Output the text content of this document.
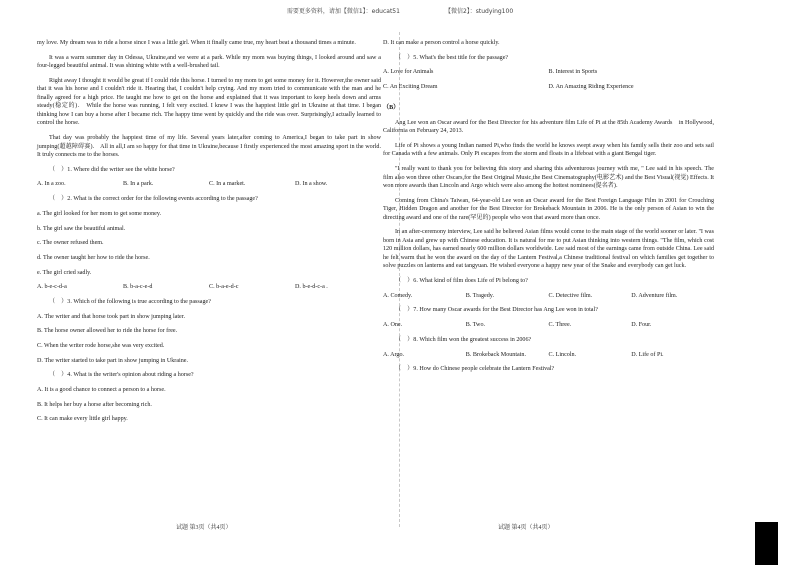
需要更多资料，请加【微信1】：educat51　　　　　　　　【微信2】：studying100

my love. My dream was to ride a horse since I was a little girl. When it finally came true, my heart beat a thousand times a minute.

It was a warm summer day in Odessa, Ukraine,and we were at a park. While my mom was buying things, I looked around and saw a four-legged beautiful animal. It was shining white with a well-brushed tail.

Right away I thought it would be great if I could ride this horse. I turned to my mom to get some money for it. However,the owner said that it was his horse and I couldn't ride it. Hearing that, I couldn't help crying. And my mom tried to communicate with the man and he finally agreed for a high price. He taught me how to get on the horse and explained that it was important to keep heels down and arms steady(稳定的)． While the horse was running, I felt very excited. I knew I was the happiest little girl in Ukraine at that time. I began thinking how I can buy a horse after I became rich. The happy time went by quickly and the ride was over. Surprisingly,I actually learned to control the horse.

That day was probably the happiest time of my life. Several years later,after coming to America,I began to take part in show jumping(超越障碍赛)． All in all,I am so happy for that time in Ukraine,because I firstly experienced the most amazing sport in the world. It truly connects me to the horses.

（　）1. Where did the writer see the white horse?

A. In a zoo.	B. In a park.	C. In a market.	D. In a show.

（　）2. What is the correct order for the following events according to the passage?

a. The girl looked for her mom to get some money.

b. The girl saw the beautiful animal.

c. The owner refused them.

d. The owner taught her how to ride the horse.

e. The girl cried sadly.

A. b-e-c-d-a	B. b-a-c-e-d	C. b-a-e-d-c	D. b-e-d-c-a .

（　）3. Which of the following is true according to the passage?

A. The writer and that horse took part in show jumping later.

B. The horse owner allowed her to ride the horse for free.

C. When the writer rode horse,she was very excited.

D. The writer started to take part in show jumping in Ukraine.

（　）4. What is the writer's opinion about riding a horse?

A. It is a good chance to connect a person to a horse.

B. It helps her buy a horse after becoming rich.

C. It can make every little girl happy.

D. It can make a person control a horse quickly.

（　）5. What's the best title for the passage?

A. Love for Animals	B. Interest in Sports
C. An Exciting Dream	D. An Amazing Riding Experience

（B）

Ang Lee won an Oscar award for the Best Director for his adventure film Life of Pi at the 85th Academy Awards　in Hollywood, California on February 24, 2013.

Life of Pi shows a young Indian named Pi,who finds the world he knows swept away when his family sells their zoo and sets sail for Canada with a few animals. Only Pi escapes from the storm and floats in a lifeboat with a giant Bengal tiger.

"I really want to thank you for believing this story and sharing this adventurous journey with me, " Lee said in his speech. The film also won three other Oscars,for the Best Original Music,the Best Cinematography(电影艺术) and the Best Visual(视觉) Effects. It won more awards than Lincoln and Argo which were also among the hottest nominees(提名者)．

Coming from China's Taiwan, 64-year-old Lee won an Oscar award for the Best Foreign Language Film in 2001 for Crouching Tiger, Hidden Dragon and another for the Best Director for Brokeback Mountain in 2006. He is the only person of Asian to win the directing award and one of the rare(罕见的) people who won that award more than once.

In an after-ceremony interview, Lee said he believed Asian films would come to the main stage of the world sooner or later. "I was born in Asia and grew up with Chinese education. It is natural for me to put Asian thinking into western things. "The film, which cost 120 million dollars, has earned nearly 600 million dollars worldwide. Lee said most of the earnings came from outside China. Lee said he felt warm that he won the award on the day of the Lantern Festival,a Chinese traditional festival on which families get together to solve puzzles on lanterns and eat tangyuan. He wished everyone a happy new year of the Snake and everybody can get luck.

（　）6. What kind of film does Life of Pi belong to?

A. Comedy.	B. Tragedy.	C. Detective film.	D. Adventure film.

（　）7. How many Oscar awards for the Best Director has Ang Lee won in total?

A. One.	B. Two.	C. Three.	D. Four.

（　）8. Which film won the greatest success in 2006?

A. Argo.	B. Brokeback Mountain.	C. Lincoln.	D. Life of Pi.

（　）9. How do Chinese people celebrate the Lantern Festival?

试题 第3页（共4页）	试题 第4页（共4页）
